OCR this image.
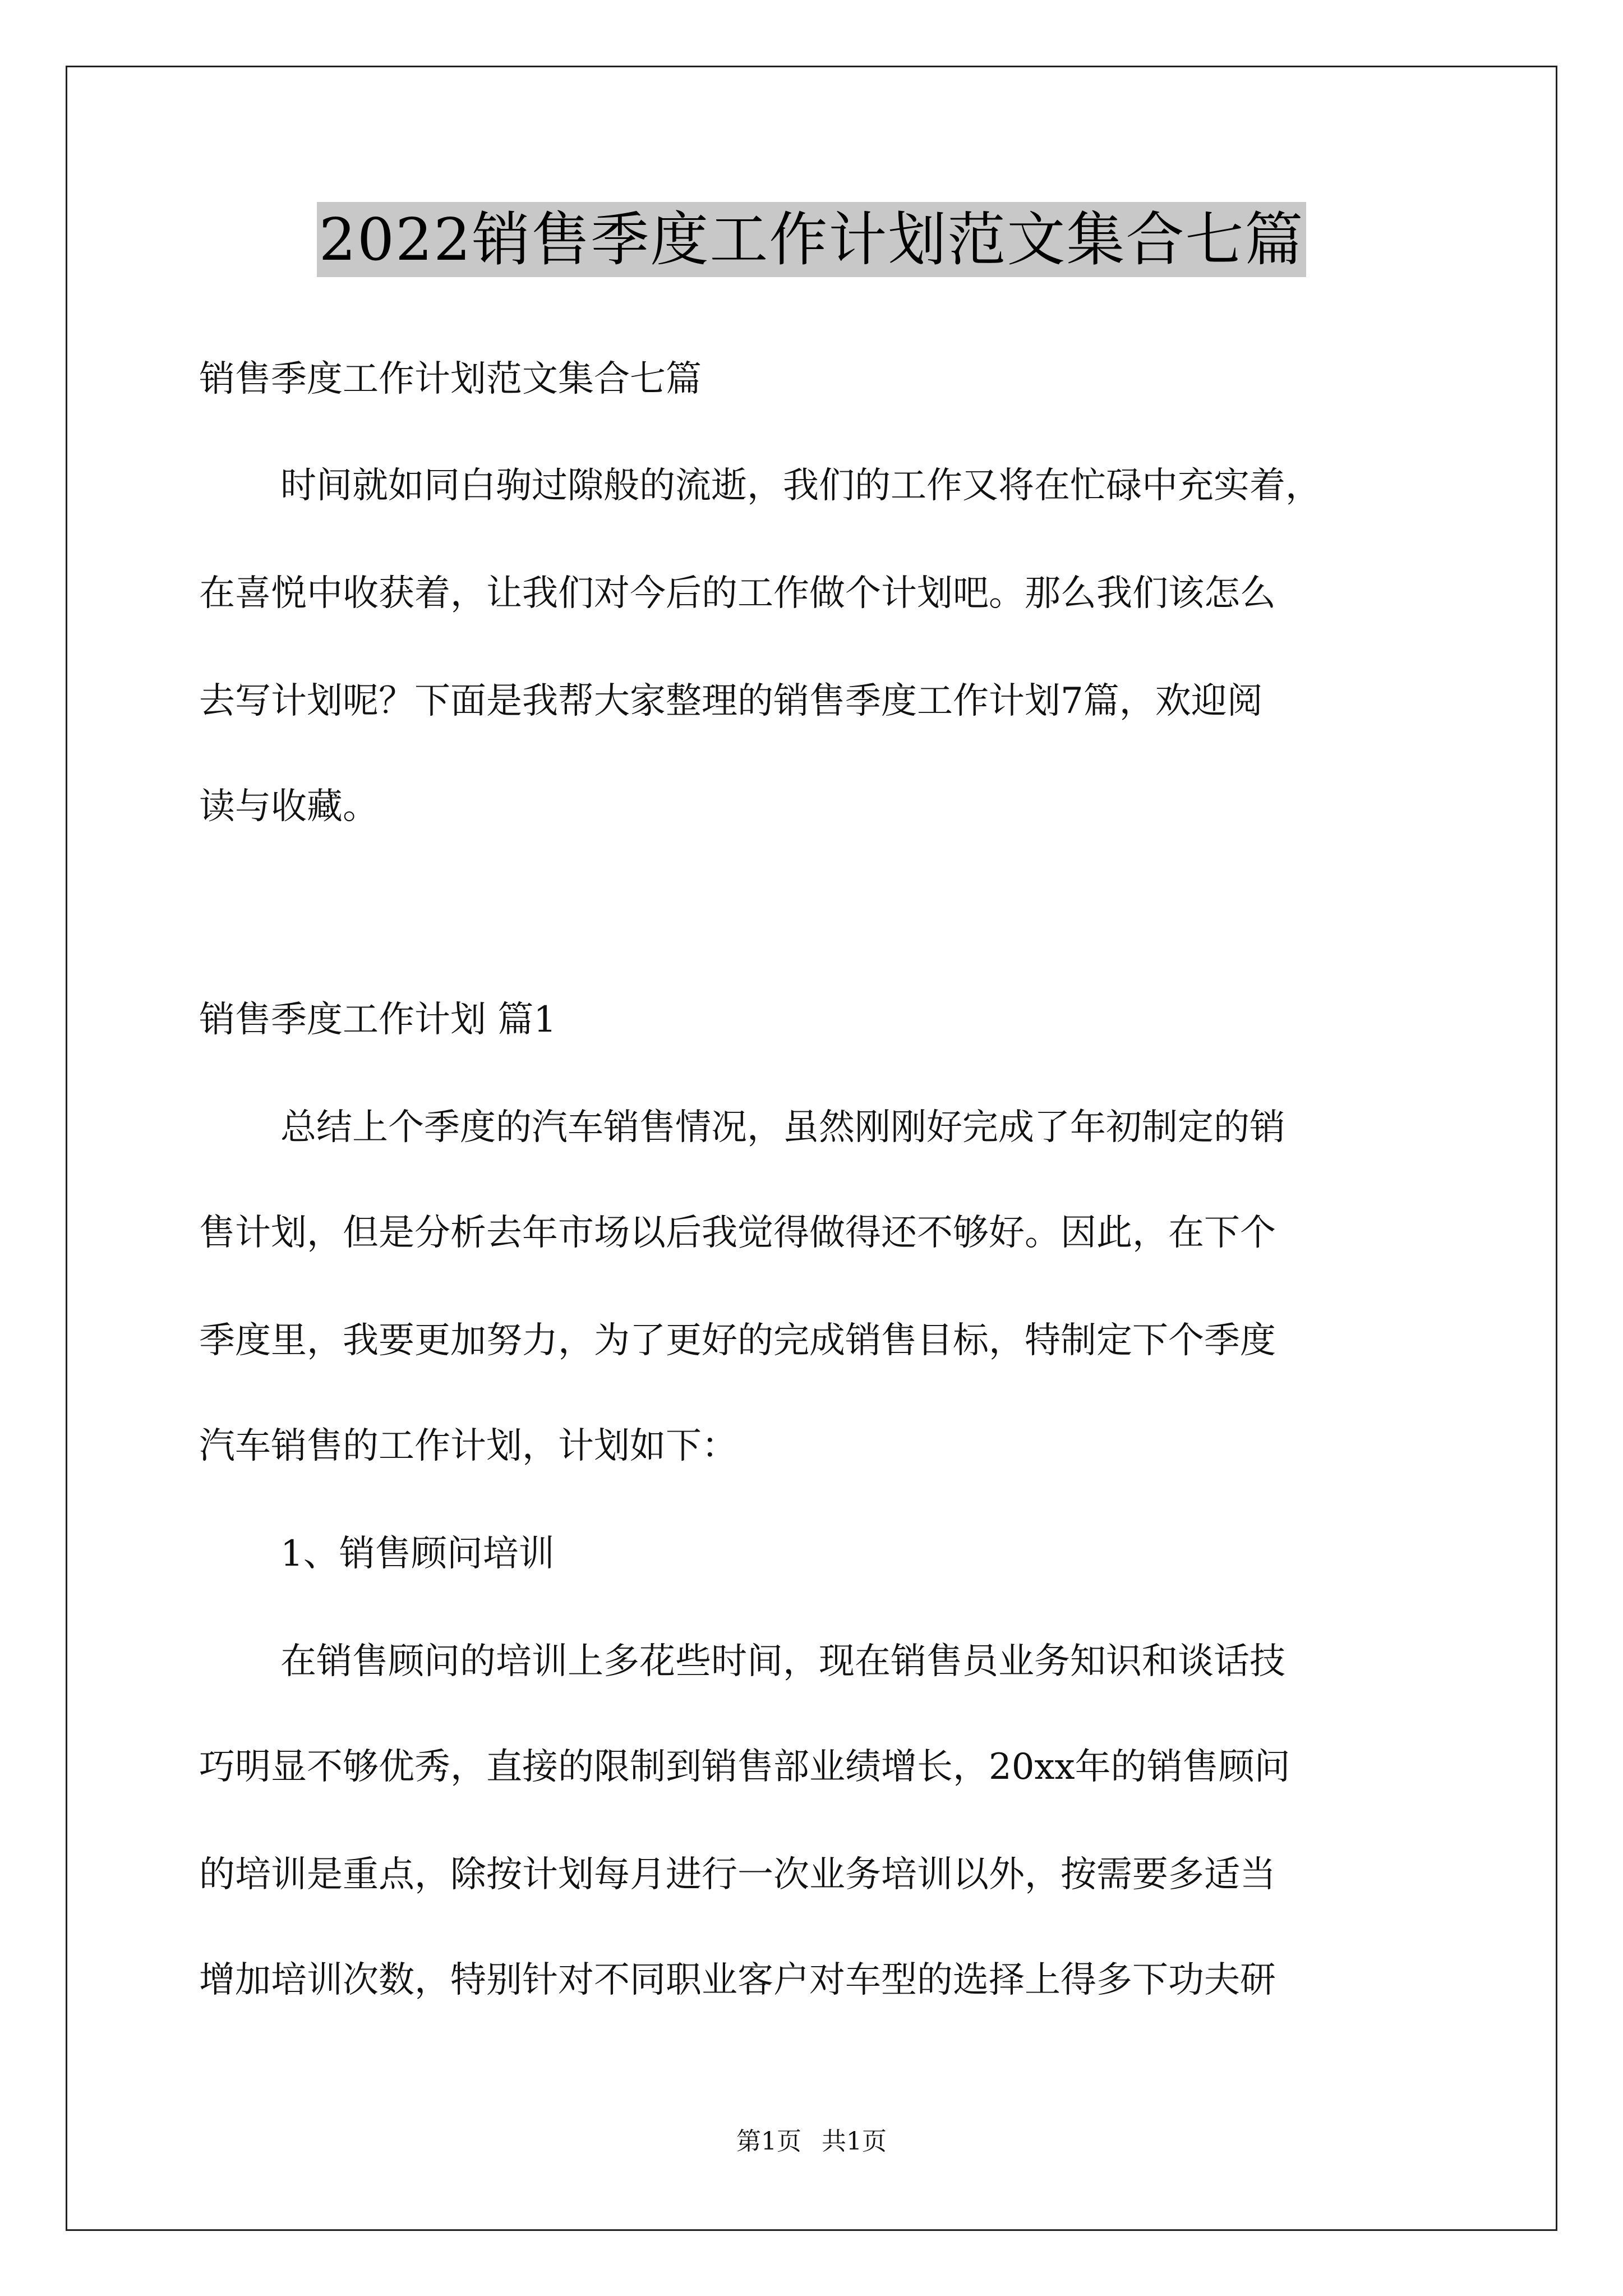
2022销售季度工作计划范文集合七篇
销售季度工作计划范文集合七篇
时间就如同白驹过隙般的流逝，我们的工作又将在忙碌中充实着，
在喜悦中收获着，让我们对今后的工作做个计划吧。那么我们该怎么
去写计划呢？下面是我帮大家整理的销售季度工作计划7篇，欢迎阅
读与收藏。
销售季度工作计划 篇1
总结上个季度的汽车销售情况，虽然刚刚好完成了年初制定的销
售计划，但是分析去年市场以后我觉得做得还不够好。因此，在下个
季度里，我要更加努力，为了更好的完成销售目标，特制定下个季度
汽车销售的工作计划，计划如下：
1、销售顾问培训
在销售顾问的培训上多花些时间，现在销售员业务知识和谈话技
巧明显不够优秀，直接的限制到销售部业绩增长，20xx年的销售顾问
的培训是重点，除按计划每月进行一次业务培训以外，按需要多适当
增加培训次数，特别针对不同职业客户对车型的选择上得多下功夫研
第1页 共1页
